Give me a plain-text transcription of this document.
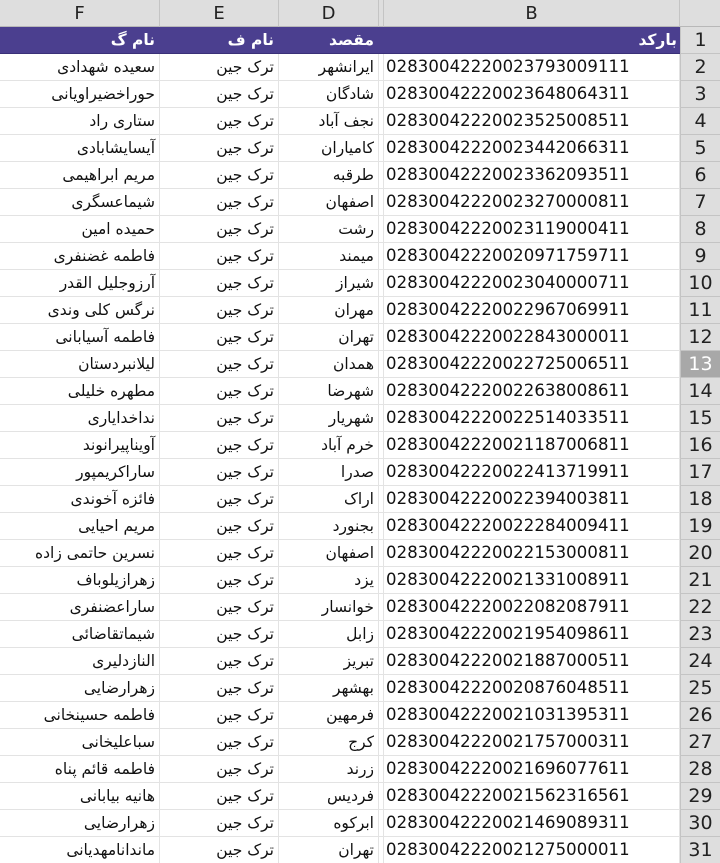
F	E	D	B
نام گ	نام ف	مقصد	بارکد 1
سعیده شهدادی	ترک جین	ایرانشهر 02830042220023793009111	2
حوراخضیراویانی	ترک جین	شادگان 02830042220023648064311	3
ستاری راد	ترک جین	نجف آباد 02830042220023525008511	4
آیسایشابادی	ترک جین	کامیاران 02830042220023442066311	5
مریم ابراهیمی	ترک جین	طرقبه 02830042220023362093511	6
شیماعسگری	ترک جین	اصفهان 02830042220023270000811	7
حمیده امین	ترک جین	رشت 02830042220023119000411	8
فاطمه غضنفری	ترک جین	میمند 02830042220020971759711	9
آرزوجلیل القدر	ترک جین	شیراز 02830042220023040000711	10
نرگس کلی وندی	ترک جین	مهران 02830042220022967069911	11
فاطمه آسیابانی	ترک جین	تهران 02830042220022843000011	12
لیلانبردستان	ترک جین	همدان 02830042220022725006511	13
مطهره خلیلی	ترک جین	شهرضا 02830042220022638008611	14
نداخدایاری	ترک جین	شهریار 02830042220022514033511	15
آویناپیرانوند	ترک جین	خرم آباد 02830042220021187006811	16
ساراکریمپور	ترک جین	صدرا 02830042220022413719911	17
فائزه آخوندی	ترک جین	اراک 02830042220022394003811	18
مریم احیایی	ترک جین	بجنورد 02830042220022284009411	19
نسرین حاتمی زاده	ترک جین	اصفهان 02830042220022153000811	20
زهرازیلوباف	ترک جین	یزد 02830042220021331008911	21
ساراعضنفری	ترک جین	خوانسار 02830042220022082087911	22
شیماتقاضائی	ترک جین	زابل 02830042220021954098611	23
النازدلیری	ترک جین	تبریز 02830042220021887000511	24
زهرارضایی	ترک جین	بهشهر 02830042220020876048511	25
فاطمه حسینخانی	ترک جین	فرمهین 02830042220021031395311	26
سباعلیخانی	ترک جین	کرج 02830042220021757000311	27
فاطمه قائم پناه	ترک جین	زرند 02830042220021696077611	28
هانیه بیابانی	ترک جین	فردیس 02830042220021562316561	29
زهرارضایی	ترک جین	ابرکوه 02830042220021469089311	30
ماندانامهدیانی	ترک جین	تهران 02830042220021275000011	31
